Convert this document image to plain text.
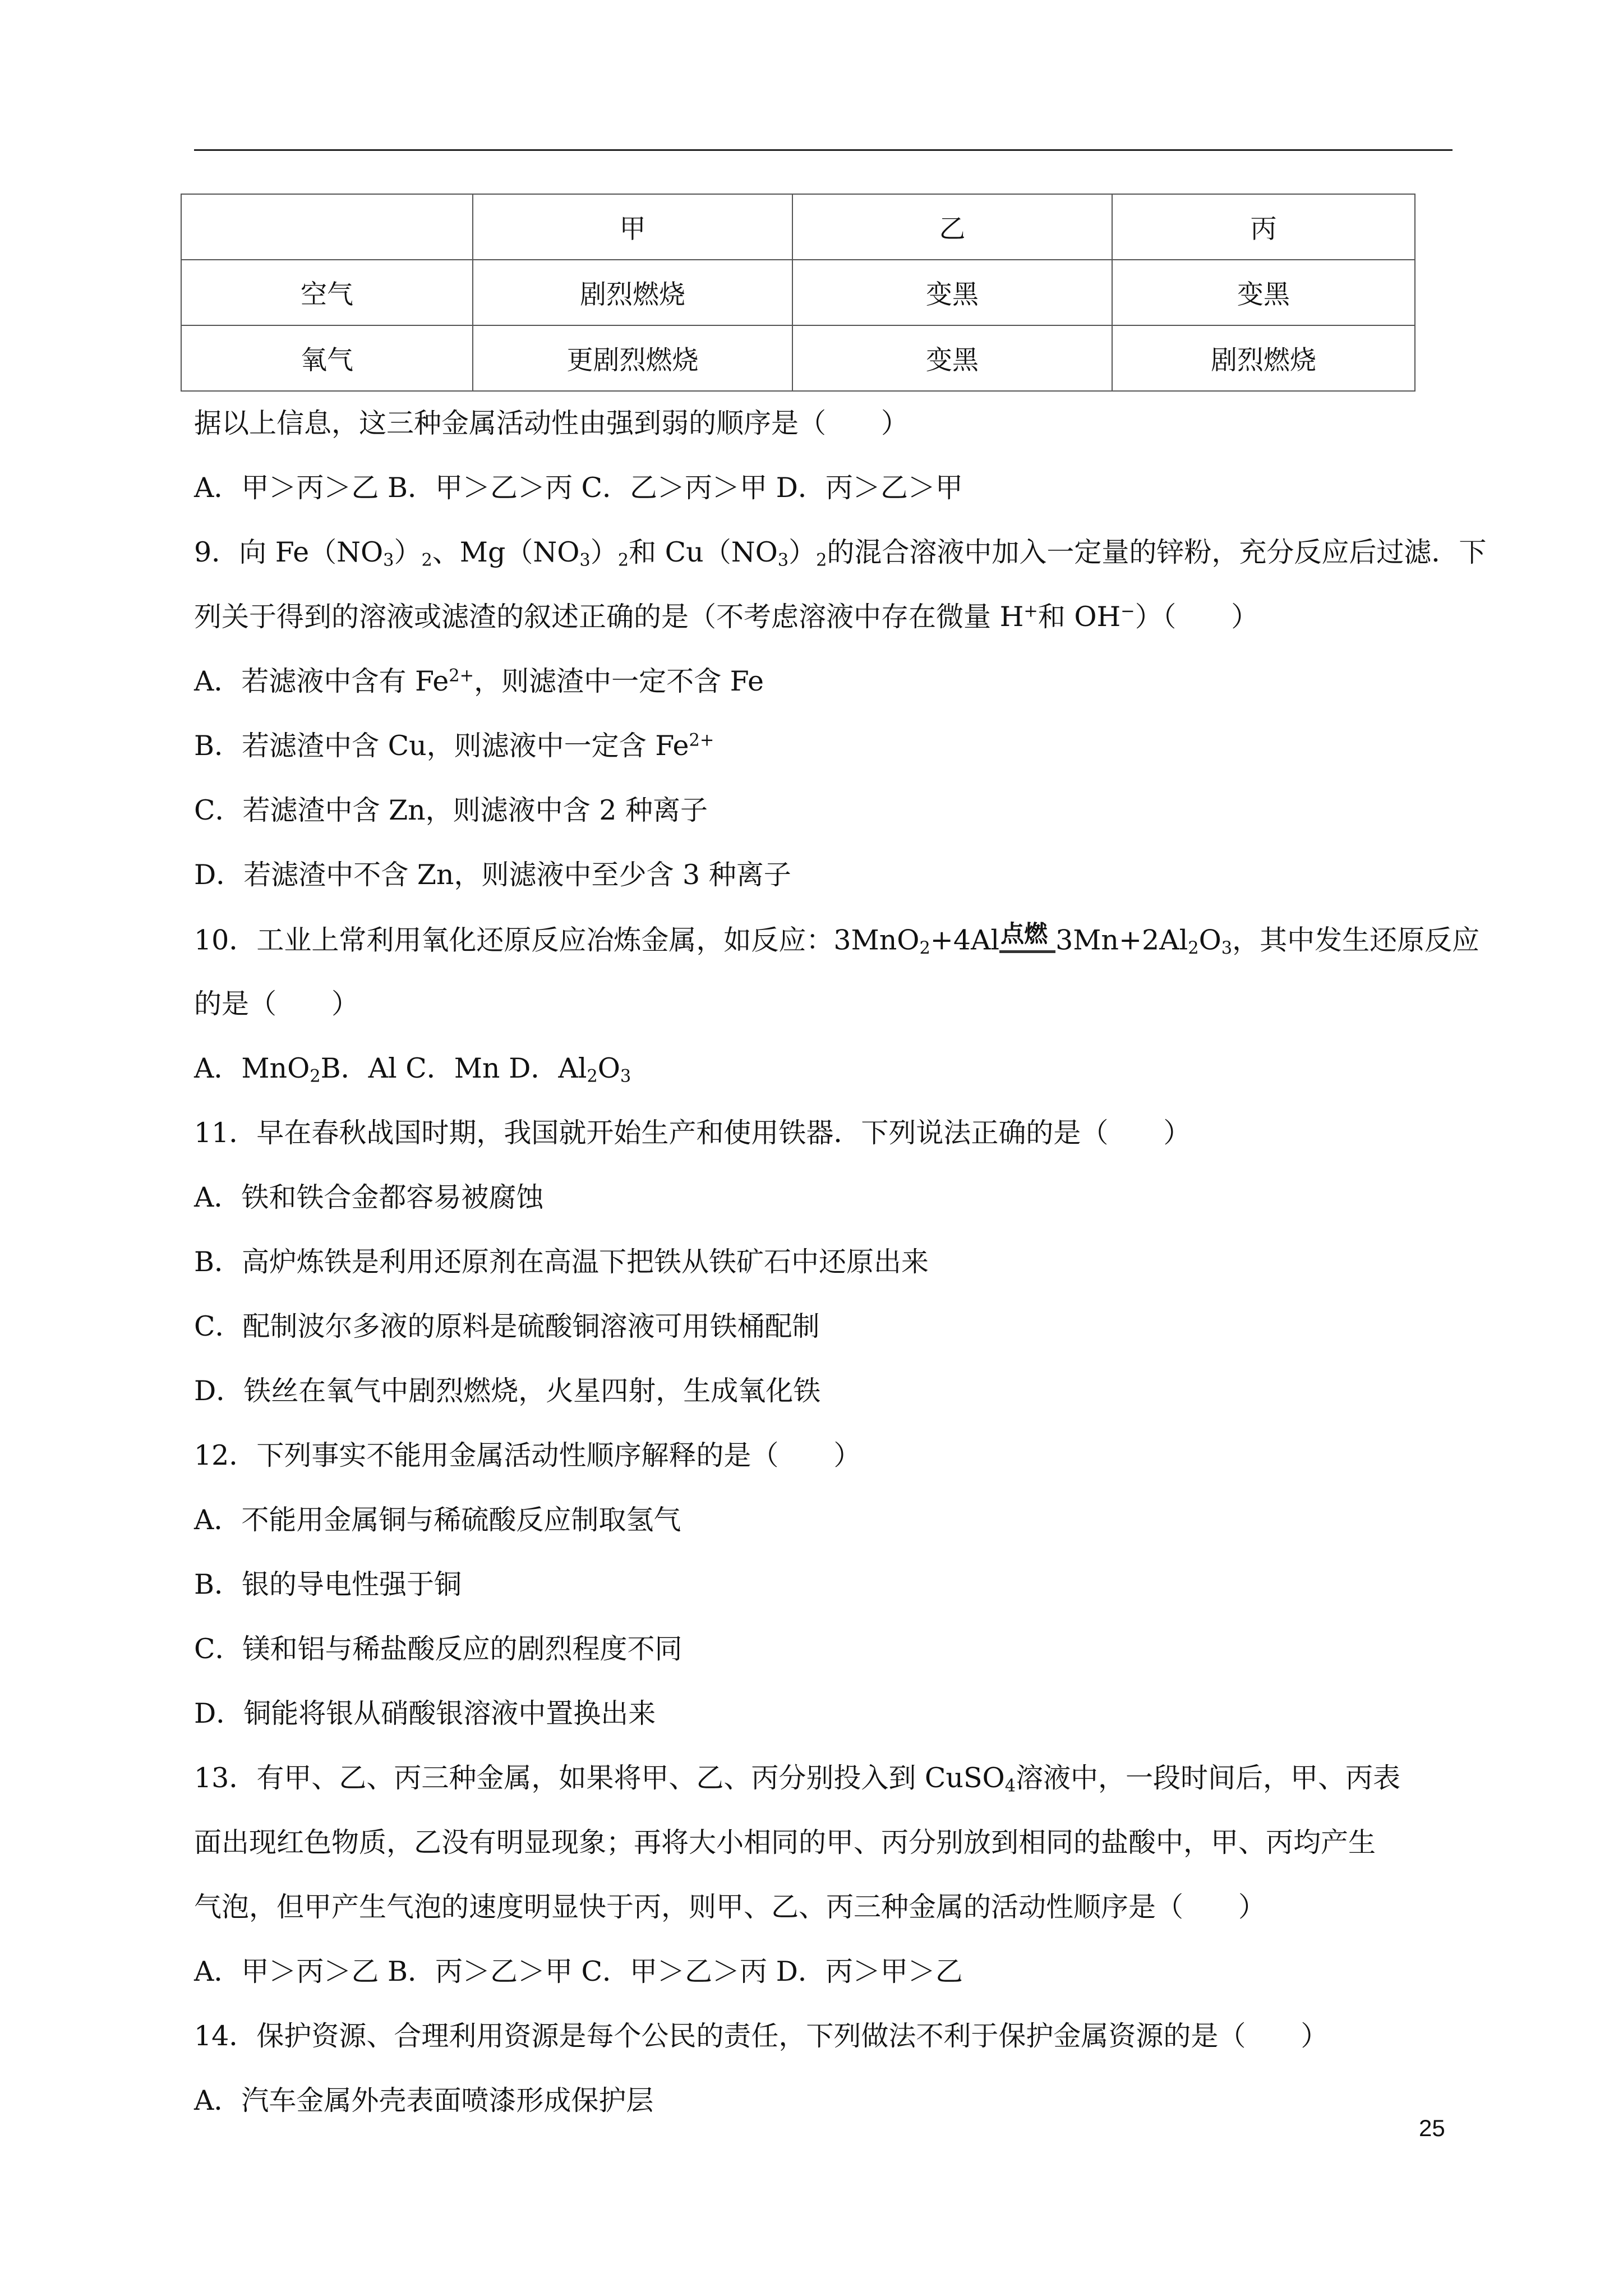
	甲	乙	丙
空气	剧烈燃烧	变黑	变黑
氧气	更剧烈燃烧	变黑	剧烈燃烧
据以上信息，这三种金属活动性由强到弱的顺序是（　　）
A．甲＞丙＞乙 B．甲＞乙＞丙 C．乙＞丙＞甲 D．丙＞乙＞甲
9．向 $Fe(NO_3)_2$、$Mg(NO_3)_2$和 $Cu(NO_3)_2$的混合溶液中加入一定量的锌粉，充分反应后过滤．下
列关于得到的溶液或滤渣的叙述正确的是（不考虑溶液中存在微量 H+和 OH−）（　　）
A．若滤液中含有 $Fe^{2+}$，则滤渣中一定不含 Fe
B．若滤渣中含 Cu，则滤液中一定含 $Fe^{2+}$
C．若滤渣中含 Zn，则滤液中含 2 种离子
D．若滤渣中不含 Zn，则滤液中至少含 3 种离子
10．工业上常利用氧化还原反应冶炼金属，如反应：3MnO$_2$+4Al 点燃 $3Mn+2Al_2O_3$，其中发生还原反应
的是（　　）
A．MnO$_2$B．Al C．Mn D．$Al_2O_3$
11．早在春秋战国时期，我国就开始生产和使用铁器．下列说法正确的是（　　）
A．铁和铁合金都容易被腐蚀
B．高炉炼铁是利用还原剂在高温下把铁从铁矿石中还原出来
C．配制波尔多液的原料是硫酸铜溶液可用铁桶配制
D．铁丝在氧气中剧烈燃烧，火星四射，生成氧化铁
12．下列事实不能用金属活动性顺序解释的是（　　）
A．不能用金属铜与稀硫酸反应制取氢气
B．银的导电性强于铜
C．镁和铝与稀盐酸反应的剧烈程度不同
D．铜能将银从硝酸银溶液中置换出来
13．有甲、乙、丙三种金属，如果将甲、乙、丙分别投入到 CuSO$_4$溶液中，一段时间后，甲、丙表
面出现红色物质，乙没有明显现象；再将大小相同的甲、丙分别放到相同的盐酸中，甲、丙均产生
气泡，但甲产生气泡的速度明显快于丙，则甲、乙、丙三种金属的活动性顺序是（　　）
A．甲＞丙＞乙 B．丙＞乙＞甲 C．甲＞乙＞丙 D．丙＞甲＞乙
14．保护资源、合理利用资源是每个公民的责任，下列做法不利于保护金属资源的是（　　）
A．汽车金属外壳表面喷漆形成保护层
25
